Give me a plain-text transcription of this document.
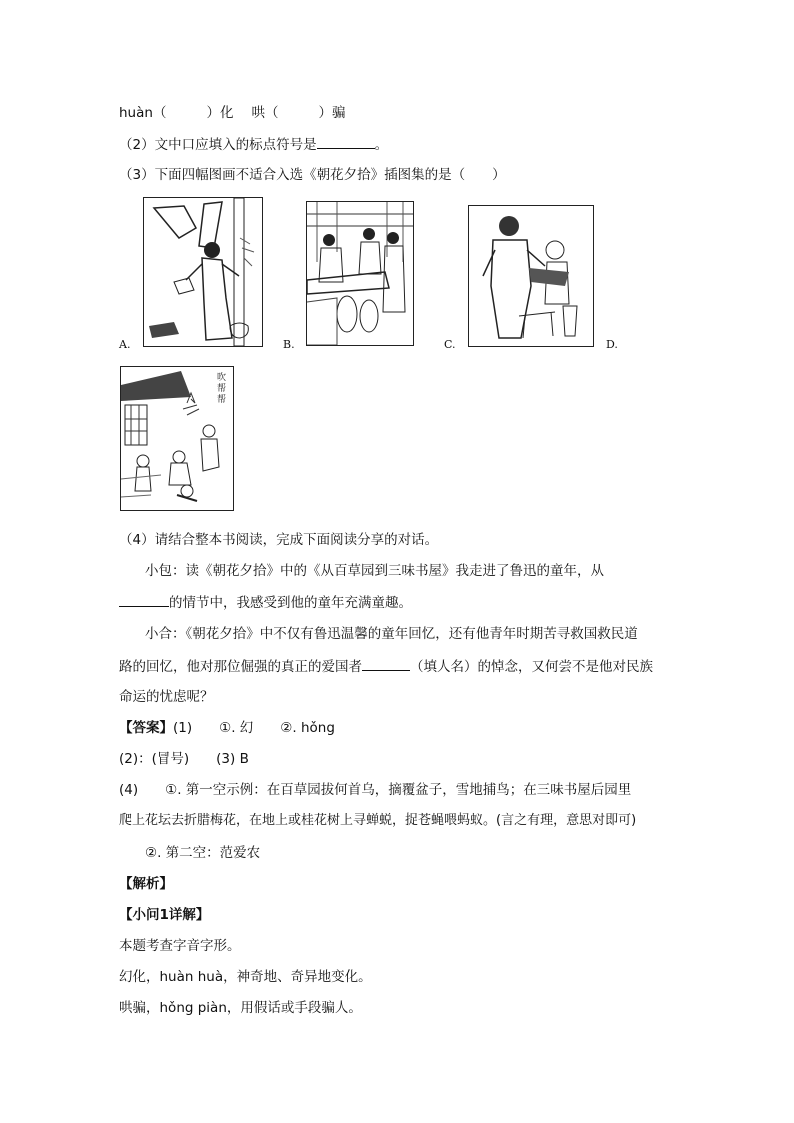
huàn（	）化 哄（	）骗
（2）文中口应填入的标点符号是	。
（3）下面四幅图画不适合入选《朝花夕拾》插图集的是（　　）
A.	B.	C.	D.
吹帮帮
（4）请结合整本书阅读，完成下面阅读分享的对话。
小包：读《朝花夕拾》中的《从百草园到三味书屋》我走进了鲁迅的童年，从
的情节中，我感受到他的童年充满童趣。
小合：《朝花夕拾》中不仅有鲁迅温馨的童年回忆，还有他青年时期苦寻救国救民道
路的回忆，他对那位倔强的真正的爱国者	（填人名）的悼念，又何尝不是他对民族
命运的忧虑呢？
【答案】(1)　　①. 幻　　②. hǒng
(2)：(冒号)　　(3) B
(4)　　①. 第一空示例：在百草园拔何首乌，摘覆盆子，雪地捕鸟；在三味书屋后园里
爬上花坛去折腊梅花，在地上或桂花树上寻蝉蜕，捉苍蝇喂蚂蚁。(言之有理，意思对即可)
②. 第二空：范爱农
【解析】
【小问1详解】
本题考查字音字形。
幻化，huàn huà，神奇地、奇异地变化。
哄骗，hǒng piàn，用假话或手段骗人。
